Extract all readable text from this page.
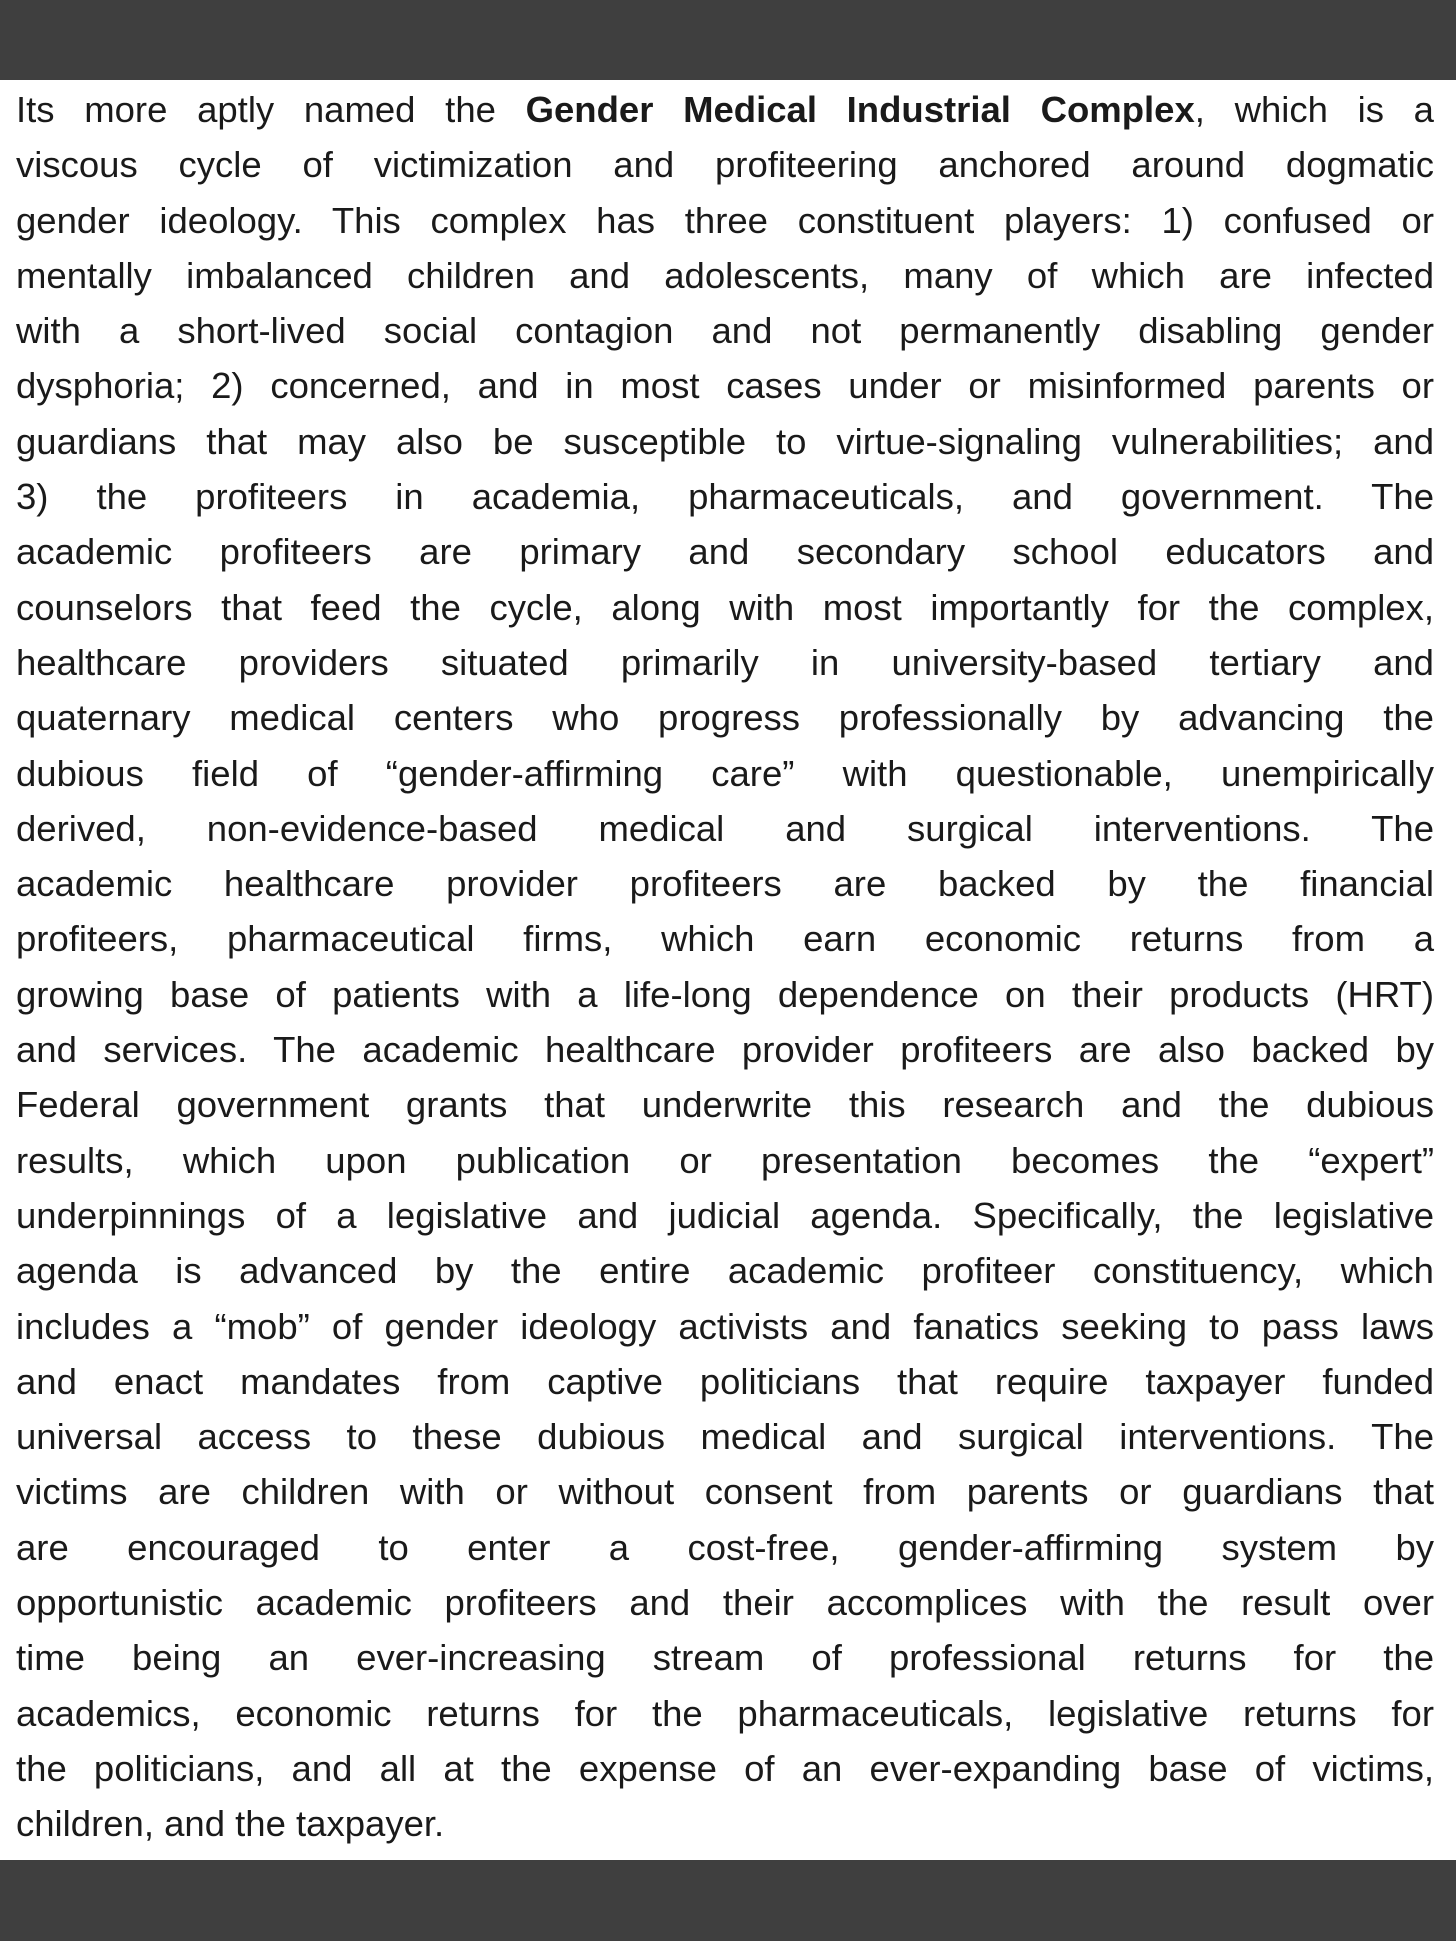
Its more aptly named the Gender Medical Industrial Complex, which is a
viscous cycle of victimization and profiteering anchored around dogmatic
gender ideology. This complex has three constituent players: 1) confused or
mentally imbalanced children and adolescents, many of which are infected
with a short-lived social contagion and not permanently disabling gender
dysphoria; 2) concerned, and in most cases under or misinformed parents or
guardians that may also be susceptible to virtue-signaling vulnerabilities; and
3) the profiteers in academia, pharmaceuticals, and government. The
academic profiteers are primary and secondary school educators and
counselors that feed the cycle, along with most importantly for the complex,
healthcare providers situated primarily in university-based tertiary and
quaternary medical centers who progress professionally by advancing the
dubious field of “gender-affirming care” with questionable, unempirically
derived, non-evidence-based medical and surgical interventions. The
academic healthcare provider profiteers are backed by the financial
profiteers, pharmaceutical firms, which earn economic returns from a
growing base of patients with a life-long dependence on their products (HRT)
and services. The academic healthcare provider profiteers are also backed by
Federal government grants that underwrite this research and the dubious
results, which upon publication or presentation becomes the “expert”
underpinnings of a legislative and judicial agenda. Specifically, the legislative
agenda is advanced by the entire academic profiteer constituency, which
includes a “mob” of gender ideology activists and fanatics seeking to pass laws
and enact mandates from captive politicians that require taxpayer funded
universal access to these dubious medical and surgical interventions. The
victims are children with or without consent from parents or guardians that
are encouraged to enter a cost-free, gender-affirming system by
opportunistic academic profiteers and their accomplices with the result over
time being an ever-increasing stream of professional returns for the
academics, economic returns for the pharmaceuticals, legislative returns for
the politicians, and all at the expense of an ever-expanding base of victims,
children, and the taxpayer.
